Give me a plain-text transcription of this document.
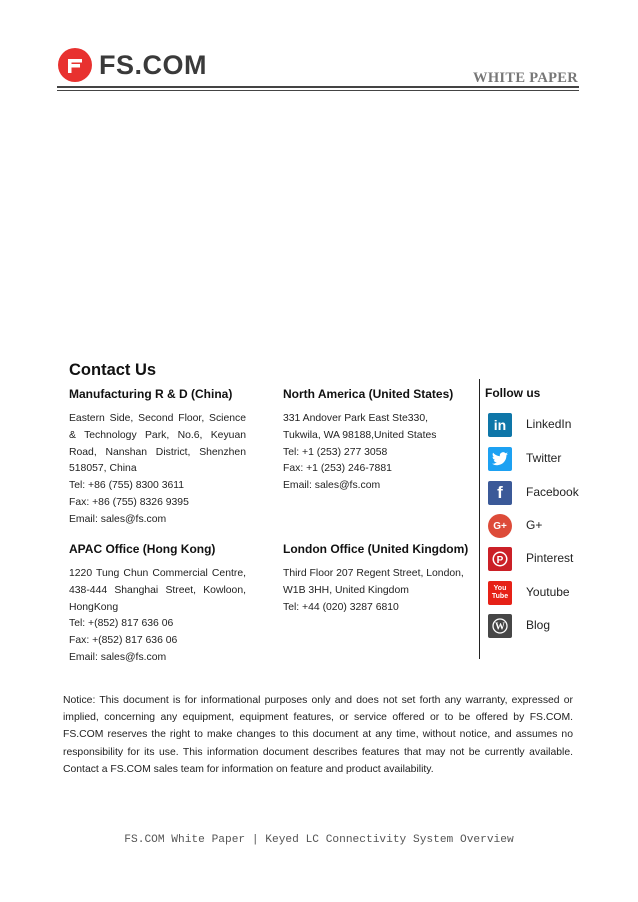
FS.COM	WHITE PAPER
Contact Us
Manufacturing R & D (China)
Eastern Side, Second Floor, Science & Technology Park, No.6, Keyuan Road, Nanshan District, Shenzhen 518057, China
Tel: +86 (755) 8300 3611
Fax: +86 (755) 8326 9395
Email: sales@fs.com
North America (United States)
331 Andover Park East Ste330, Tukwila, WA 98188,United States
Tel: +1 (253) 277 3058
Fax: +1 (253) 246-7881
Email: sales@fs.com
APAC Office (Hong Kong)
1220 Tung Chun Commercial Centre, 438-444 Shanghai Street, Kowloon, HongKong
Tel: +(852) 817 636 06
Fax: +(852) 817 636 06
Email: sales@fs.com
London Office (United Kingdom)
Third Floor 207 Regent Street, London, W1B 3HH, United Kingdom
Tel: +44 (020) 3287 6810
Follow us
in	LinkedIn
Twitter
f	Facebook
G+	G+
P Pinterest
You
Tube Youtube
W Blog
Notice: This document is for informational purposes only and does not set forth any warranty, expressed or implied, concerning any equipment, equipment features, or service offered or to be offered by FS.COM. FS.COM reserves the right to make changes to this document at any time, without notice, and assumes no responsibility for its use. This information document describes features that may not be currently available. Contact a FS.COM sales team for information on feature and product availability.
FS.COM White Paper | Keyed LC Connectivity System Overview
